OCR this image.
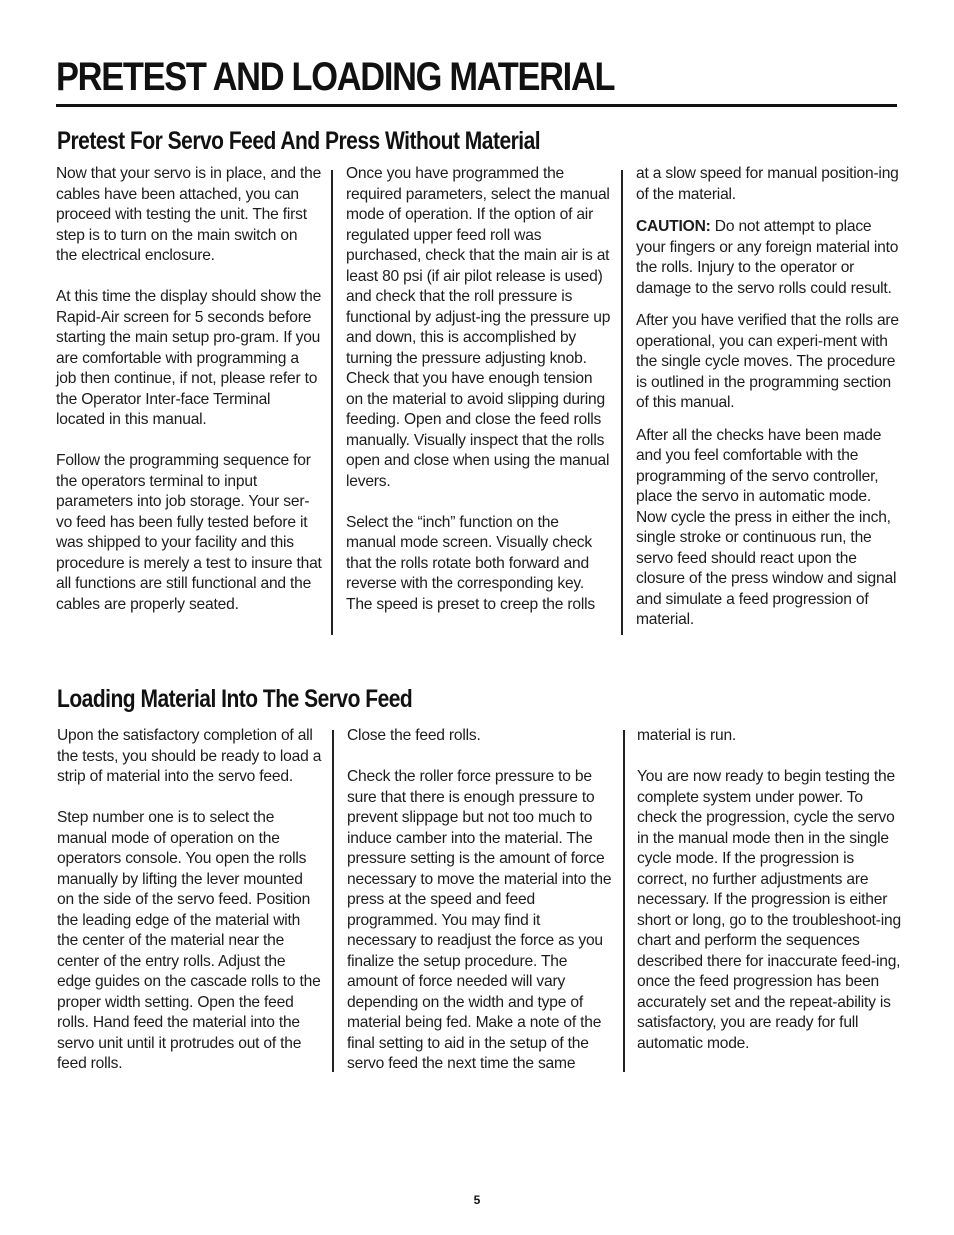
PRETEST AND LOADING MATERIAL
Pretest For Servo Feed And Press Without Material

Now that your servo is in place, and the cables have been attached, you can proceed with testing the unit. The first step is to turn on the main switch on the electrical enclosure.

At this time the display should show the Rapid-Air screen for 5 seconds before starting the main setup pro-gram. If you are comfortable with programming a job then continue, if not, please refer to the Operator Inter-face Terminal located in this manual.

Follow the programming sequence for the operators terminal to input parameters into job storage. Your ser-vo feed has been fully tested before it was shipped to your facility and this procedure is merely a test to insure that all functions are still functional and the cables are properly seated.

Once you have programmed the required parameters, select the manual mode of operation. If the option of air regulated upper feed roll was purchased, check that the main air is at least 80 psi (if air pilot release is used) and check that the roll pressure is functional by adjust-ing the pressure up and down, this is accomplished by turning the pressure adjusting knob. Check that you have enough tension on the material to avoid slipping during feeding. Open and close the feed rolls manually. Visually inspect that the rolls open and close when using the manual levers.

Select the “inch” function on the manual mode screen. Visually check that the rolls rotate both forward and reverse with the corresponding key. The speed is preset to creep the rolls

at a slow speed for manual position-ing of the material.

CAUTION: Do not attempt to place your fingers or any foreign material into the rolls. Injury to the operator or damage to the servo rolls could result.

After you have verified that the rolls are operational, you can experi-ment with the single cycle moves. The procedure is outlined in the programming section of this manual.

After all the checks have been made and you feel comfortable with the programming of the servo controller, place the servo in automatic mode. Now cycle the press in either the inch, single stroke or continuous run, the servo feed should react upon the closure of the press window and signal and simulate a feed progression of material.

Loading Material Into The Servo Feed

Upon the satisfactory completion of all the tests, you should be ready to load a strip of material into the servo feed.

Step number one is to select the manual mode of operation on the operators console. You open the rolls manually by lifting the lever mounted on the side of the servo feed. Position the leading edge of the material with the center of the material near the center of the entry rolls. Adjust the edge guides on the cascade rolls to the proper width setting. Open the feed rolls. Hand feed the material into the servo unit until it protrudes out of the feed rolls.

Close the feed rolls.

Check the roller force pressure to be sure that there is enough pressure to prevent slippage but not too much to induce camber into the material. The pressure setting is the amount of force necessary to move the material into the press at the speed and feed programmed. You may find it necessary to readjust the force as you finalize the setup procedure. The amount of force needed will vary depending on the width and type of material being fed. Make a note of the final setting to aid in the setup of the servo feed the next time the same

material is run.

You are now ready to begin testing the complete system under power. To check the progression, cycle the servo in the manual mode then in the single cycle mode. If the progression is correct, no further adjustments are necessary. If the progression is either short or long, go to the troubleshoot-ing chart and perform the sequences described there for inaccurate feed-ing, once the feed progression has been accurately set and the repeat-ability is satisfactory, you are ready for full automatic mode.

5
